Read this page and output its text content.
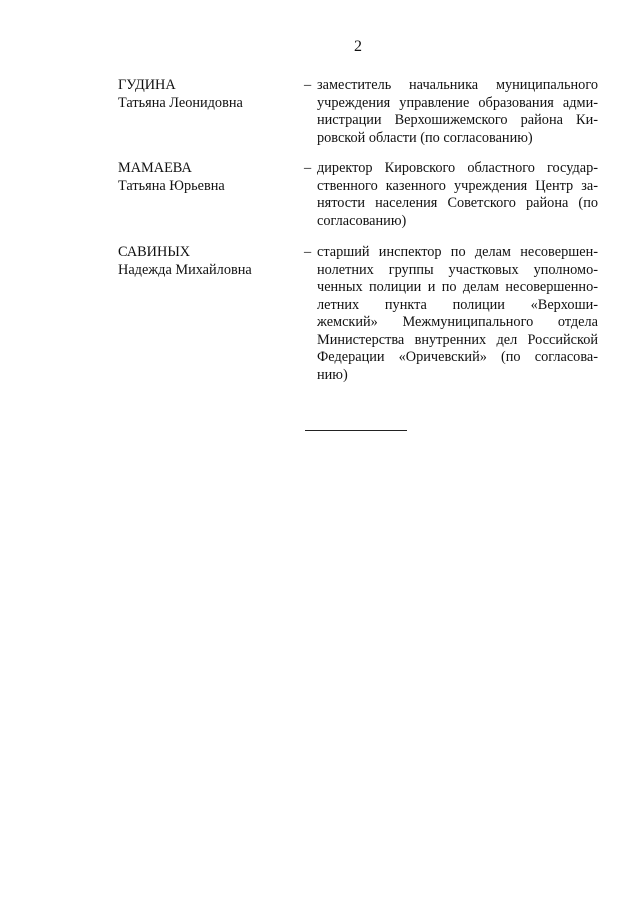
2
ГУДИНА
Татьяна Леонидовна
– заместитель начальника муниципального
учреждения управление образования адми-
нистрации Верхошижемского района Ки-
ровской области (по согласованию)
МАМАЕВА
Татьяна Юрьевна
– директор Кировского областного государ-
ственного казенного учреждения Центр за-
нятости населения Советского района (по
согласованию)
САВИНЫХ
Надежда Михайловна
– старший инспектор по делам несовершен-
нолетних группы участковых уполномо-
ченных полиции и по делам несовершенно-
летних пункта полиции «Верхоши-
жемский» Межмуниципального отдела
Министерства внутренних дел Российской
Федерации «Оричевский» (по согласова-
нию)
